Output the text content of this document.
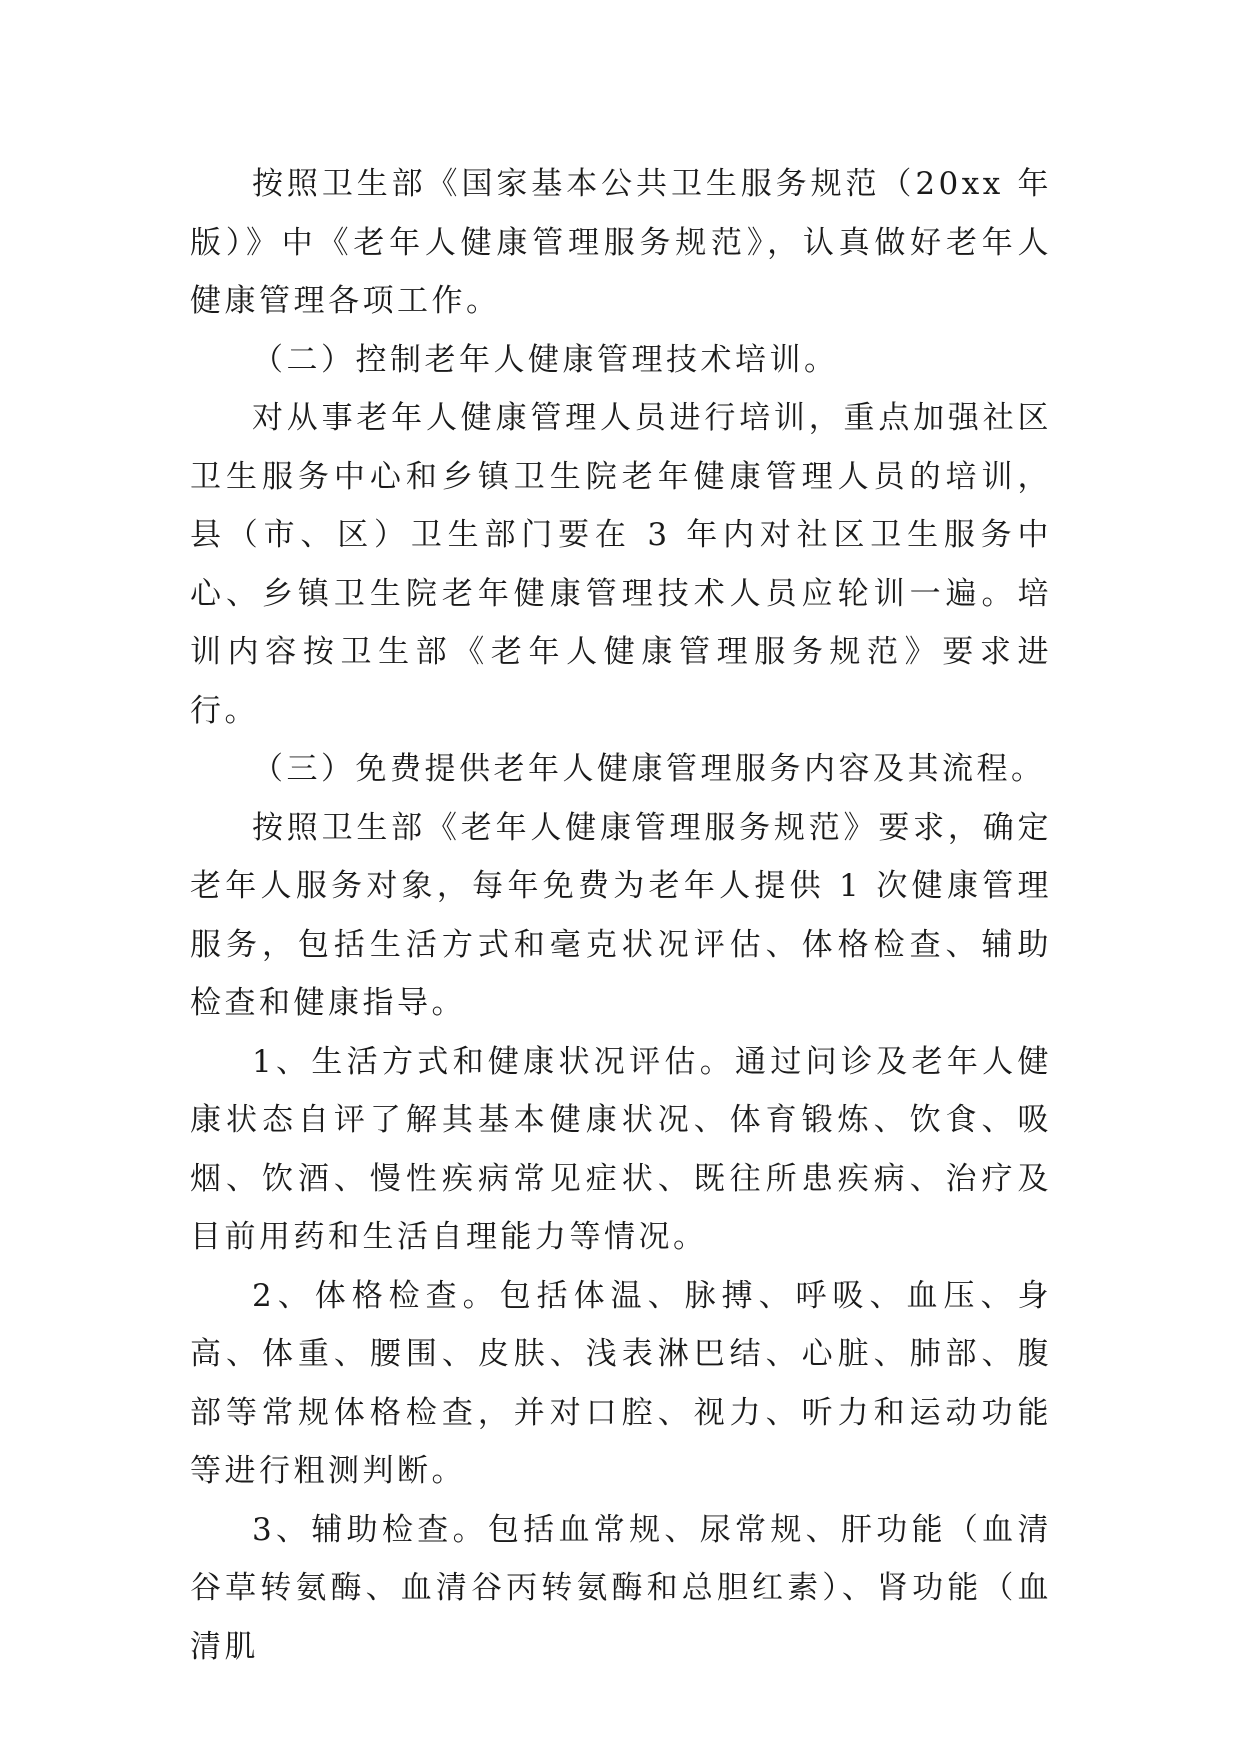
按照卫生部《国家基本公共卫生服务规范（20xx 年版）》中《老年人健康管理服务规范》，认真做好老年人健康管理各项工作。

（二）控制老年人健康管理技术培训。

对从事老年人健康管理人员进行培训，重点加强社区卫生服务中心和乡镇卫生院老年健康管理人员的培训，县（市、区）卫生部门要在 3 年内对社区卫生服务中心、乡镇卫生院老年健康管理技术人员应轮训一遍。培训内容按卫生部《老年人健康管理服务规范》要求进行。

（三）免费提供老年人健康管理服务内容及其流程。

按照卫生部《老年人健康管理服务规范》要求，确定老年人服务对象，每年免费为老年人提供 1 次健康管理服务，包括生活方式和毫克状况评估、体格检查、辅助检查和健康指导。

1、生活方式和健康状况评估。通过问诊及老年人健康状态自评了解其基本健康状况、体育锻炼、饮食、吸烟、饮酒、慢性疾病常见症状、既往所患疾病、治疗及目前用药和生活自理能力等情况。

2、体格检查。包括体温、脉搏、呼吸、血压、身高、体重、腰围、皮肤、浅表淋巴结、心脏、肺部、腹部等常规体格检查，并对口腔、视力、听力和运动功能等进行粗测判断。

3、辅助检查。包括血常规、尿常规、肝功能（血清谷草转氨酶、血清谷丙转氨酶和总胆红素）、肾功能（血清肌
